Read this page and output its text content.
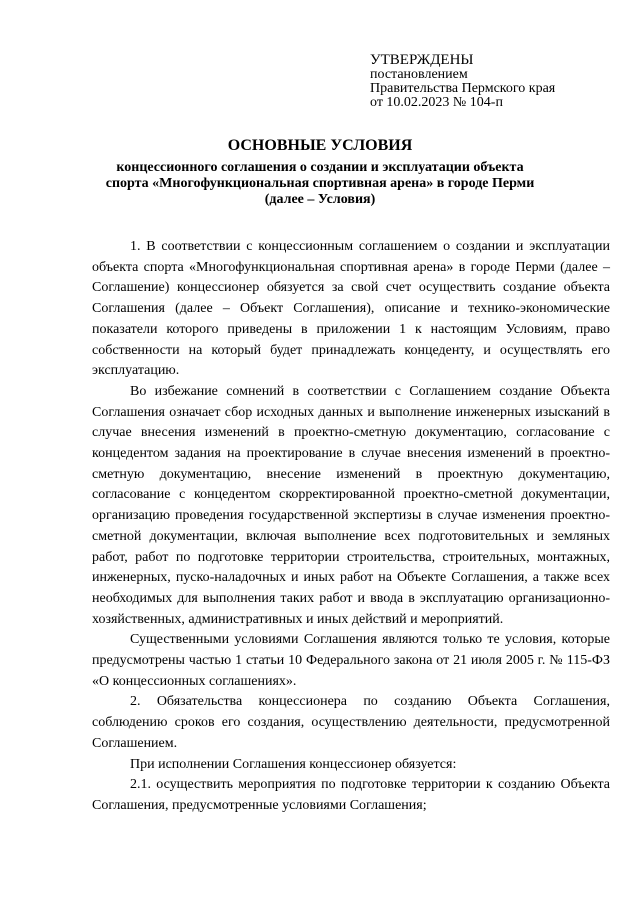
УТВЕРЖДЕНЫ
постановлением
Правительства Пермского края
от 10.02.2023 № 104-п
ОСНОВНЫЕ УСЛОВИЯ
концессионного соглашения о создании и эксплуатации объекта
спорта «Многофункциональная спортивная арена» в городе Перми
(далее – Условия)

1. В соответствии с концессионным соглашением о создании и эксплуатации объекта спорта «Многофункциональная спортивная арена» в городе Перми (далее – Соглашение) концессионер обязуется за свой счет осуществить создание объекта Соглашения (далее – Объект Соглашения), описание и технико-экономические показатели которого приведены в приложении 1 к настоящим Условиям, право собственности на который будет принадлежать концеденту, и осуществлять его эксплуатацию.

Во избежание сомнений в соответствии с Соглашением создание Объекта Соглашения означает сбор исходных данных и выполнение инженерных изысканий в случае внесения изменений в проектно-сметную документацию, согласование с концедентом задания на проектирование в случае внесения изменений в проектно-сметную документацию, внесение изменений в проектную документацию, согласование с концедентом скорректированной проектно-сметной документации, организацию проведения государственной экспертизы в случае изменения проектно-сметной документации, включая выполнение всех подготовительных и земляных работ, работ по подготовке территории строительства, строительных, монтажных, инженерных, пуско-наладочных и иных работ на Объекте Соглашения, а также всех необходимых для выполнения таких работ и ввода в эксплуатацию организационно-хозяйственных, административных и иных действий и мероприятий.

Существенными условиями Соглашения являются только те условия, которые предусмотрены частью 1 статьи 10 Федерального закона от 21 июля 2005 г. № 115-ФЗ «О концессионных соглашениях».

2. Обязательства концессионера по созданию Объекта Соглашения, соблюдению сроков его создания, осуществлению деятельности, предусмотренной Соглашением.

При исполнении Соглашения концессионер обязуется:

2.1. осуществить мероприятия по подготовке территории к созданию Объекта Соглашения, предусмотренные условиями Соглашения;
